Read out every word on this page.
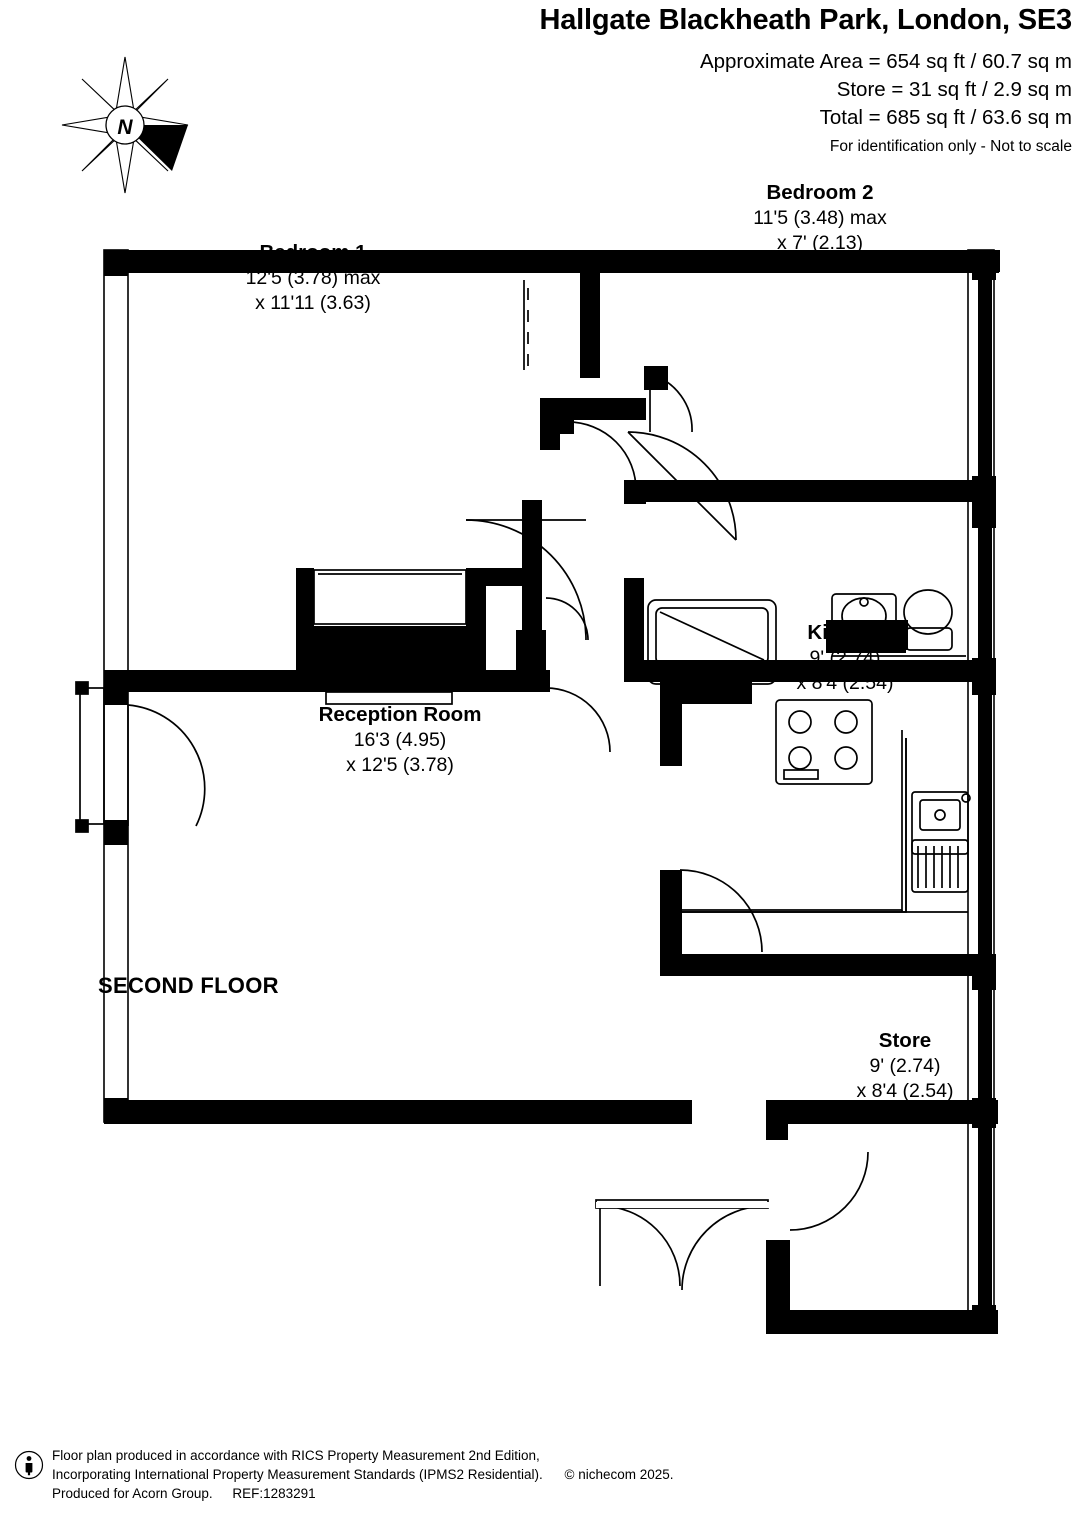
Hallgate Blackheath Park, London, SE3
Approximate Area = 654 sq ft / 60.7 sq m
Store = 31 sq ft / 2.9 sq m
Total = 685 sq ft / 63.6 sq m
For identification only - Not to scale
N
Bedroom 1
12'5 (3.78) max
x 11'11 (3.63)
Bedroom 2
11'5 (3.48) max
x 7' (2.13)
Kitchen
9' (2.74)
x 8'4 (2.54)
Reception Room
16'3 (4.95)
x 12'5 (3.78)
Store
9' (2.74)
x 8'4 (2.54)
SECOND FLOOR
Floor plan produced in accordance with RICS Property Measurement 2nd Edition,
Incorporating International Property Measurement Standards (IPMS2 Residential). © nichecom 2025.
Produced for Acorn Group. REF:1283291
